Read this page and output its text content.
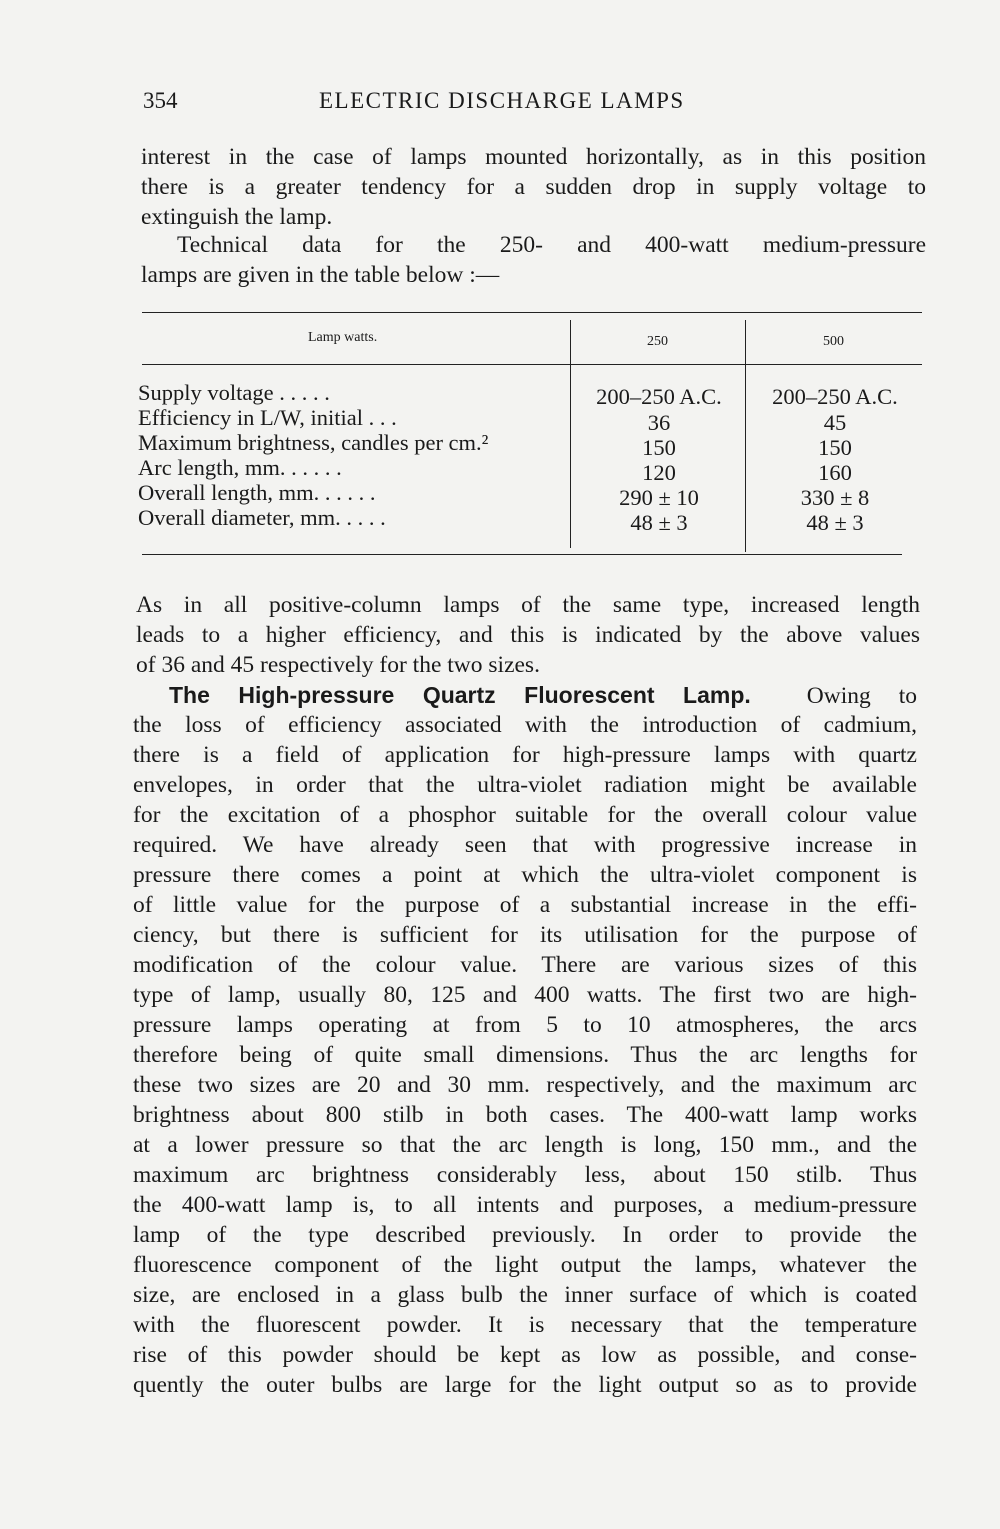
354	ELECTRIC DISCHARGE LAMPS

interest in the case of lamps mounted horizontally, as in this position
there is a greater tendency for a sudden drop in supply voltage to
extinguish the lamp.

Technical data for the 250- and 400-watt medium-pressure
lamps are given in the table below :—

Lamp watts.	250	500
Supply voltage . . . . .	200–250 A.C.	200–250 A.C.
Efficiency in L/W, initial . . .	36	45
Maximum brightness, candles per cm.²	150	150
Arc length, mm. . . . . .	120	160
Overall length, mm. . . . . .	290 ± 10	330 ± 8
Overall diameter, mm. . . . .	48 ± 3	48 ± 3

As in all positive-column lamps of the same type, increased length
leads to a higher efficiency, and this is indicated by the above values
of 36 and 45 respectively for the two sizes.

The High-pressure Quartz Fluorescent Lamp. Owing to
the loss of efficiency associated with the introduction of cadmium,
there is a field of application for high-pressure lamps with quartz
envelopes, in order that the ultra-violet radiation might be available
for the excitation of a phosphor suitable for the overall colour value
required. We have already seen that with progressive increase in
pressure there comes a point at which the ultra-violet component is
of little value for the purpose of a substantial increase in the effi-
ciency, but there is sufficient for its utilisation for the purpose of
modification of the colour value. There are various sizes of this
type of lamp, usually 80, 125 and 400 watts. The first two are high-
pressure lamps operating at from 5 to 10 atmospheres, the arcs
therefore being of quite small dimensions. Thus the arc lengths for
these two sizes are 20 and 30 mm. respectively, and the maximum arc
brightness about 800 stilb in both cases. The 400-watt lamp works
at a lower pressure so that the arc length is long, 150 mm., and the
maximum arc brightness considerably less, about 150 stilb. Thus
the 400-watt lamp is, to all intents and purposes, a medium-pressure
lamp of the type described previously. In order to provide the
fluorescence component of the light output the lamps, whatever the
size, are enclosed in a glass bulb the inner surface of which is coated
with the fluorescent powder. It is necessary that the temperature
rise of this powder should be kept as low as possible, and conse-
quently the outer bulbs are large for the light output so as to provide
